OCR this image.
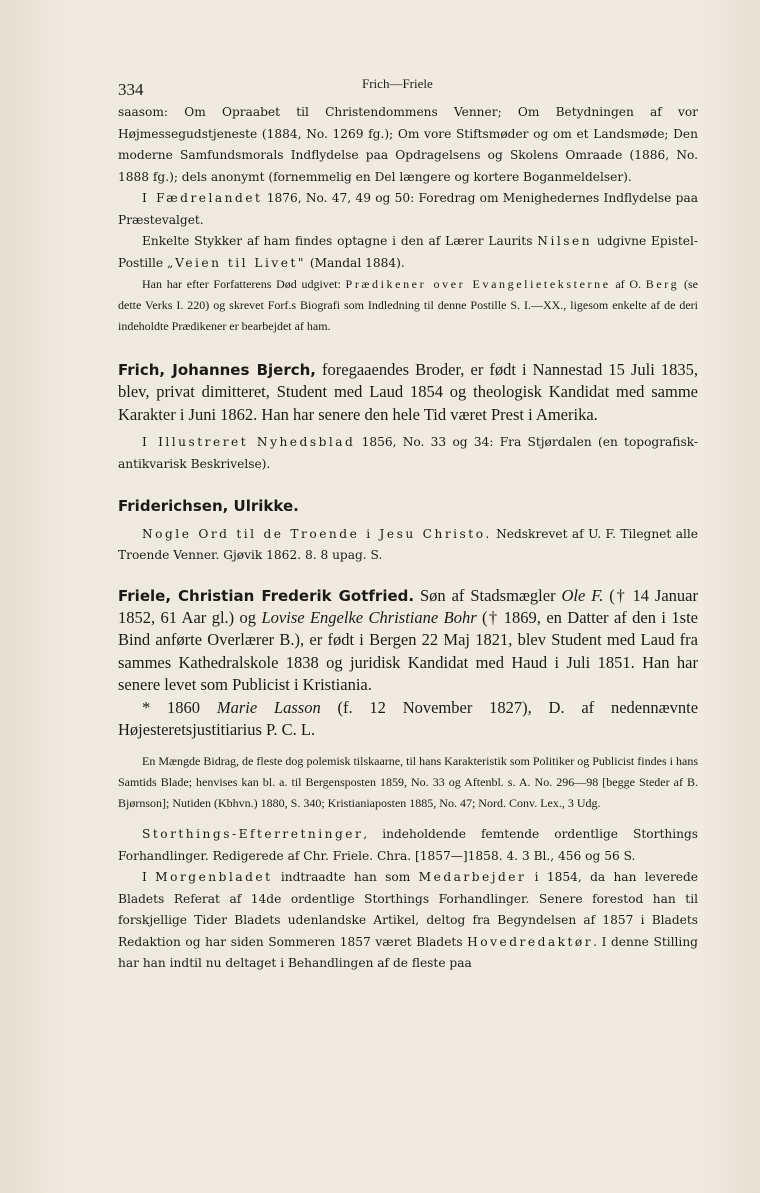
334	Frich—Friele

saasom: Om Opraabet til Christendommens Venner; Om Betydningen af vor Højmessegudstjeneste (1884, No. 1269 fg.); Om vore Stiftsmøder og om et Landsmøde; Den moderne Samfundsmorals Indflydelse paa Opdragelsens og Skolens Omraade (1886, No. 1888 fg.); dels anonymt (fornemmelig en Del længere og kortere Boganmeldelser).

I Fædrelandet 1876, No. 47, 49 og 50: Foredrag om Menighedernes Indflydelse paa Præstevalget.

Enkelte Stykker af ham findes optagne i den af Lærer Laurits Nilsen udgivne Epistel-Postille „Veien til Livet" (Mandal 1884).

Han har efter Forfatterens Død udgivet: Prædikener over Evangelieteksterne af O. Berg (se dette Verks I. 220) og skrevet Forf.s Biografi som Indledning til denne Postille S. I.—XX., ligesom enkelte af de deri indeholdte Prædikener er bearbejdet af ham.

Frich, Johannes Bjerch, foregaaendes Broder, er født i Nannestad 15 Juli 1835, blev, privat dimitteret, Student med Laud 1854 og theologisk Kandidat med samme Karakter i Juni 1862. Han har senere den hele Tid været Prest i Amerika.

I Illustreret Nyhedsblad 1856, No. 33 og 34: Fra Stjørdalen (en topografisk-antikvarisk Beskrivelse).

Friderichsen, Ulrikke.

Nogle Ord til de Troende i Jesu Christo. Nedskrevet af U. F. Tilegnet alle Troende Venner. Gjøvik 1862. 8. 8 upag. S.

Friele, Christian Frederik Gotfried. Søn af Stadsmægler Ole F. († 14 Januar 1852, 61 Aar gl.) og Lovise Engelke Christiane Bohr († 1869, en Datter af den i 1ste Bind anførte Overlærer B.), er født i Bergen 22 Maj 1821, blev Student med Laud fra sammes Kathedralskole 1838 og juridisk Kandidat med Haud i Juli 1851. Han har senere levet som Publicist i Kristiania.

* 1860 Marie Lasson (f. 12 November 1827), D. af nedennævnte Højesteretsjustitiarius P. C. L.

En Mængde Bidrag, de fleste dog polemisk tilskaarne, til hans Karakteristik som Politiker og Publicist findes i hans Samtids Blade; henvises kan bl. a. til Bergensposten 1859, No. 33 og Aftenbl. s. A. No. 296—98 [begge Steder af B. Bjørnson]; Nutiden (Kbhvn.) 1880, S. 340; Kristianiaposten 1885, No. 47; Nord. Conv. Lex., 3 Udg.

Storthings-Efterretninger, indeholdende femtende ordentlige Storthings Forhandlinger. Redigerede af Chr. Friele. Chra. [1857—]1858. 4. 3 Bl., 456 og 56 S.

I Morgenbladet indtraadte han som Medarbejder i 1854, da han leverede Bladets Referat af 14de ordentlige Storthings Forhandlinger. Senere forestod han til forskjellige Tider Bladets udenlandske Artikel, deltog fra Begyndelsen af 1857 i Bladets Redaktion og har siden Sommeren 1857 været Bladets Hovedredaktør. I denne Stilling har han indtil nu deltaget i Behandlingen af de fleste paa
